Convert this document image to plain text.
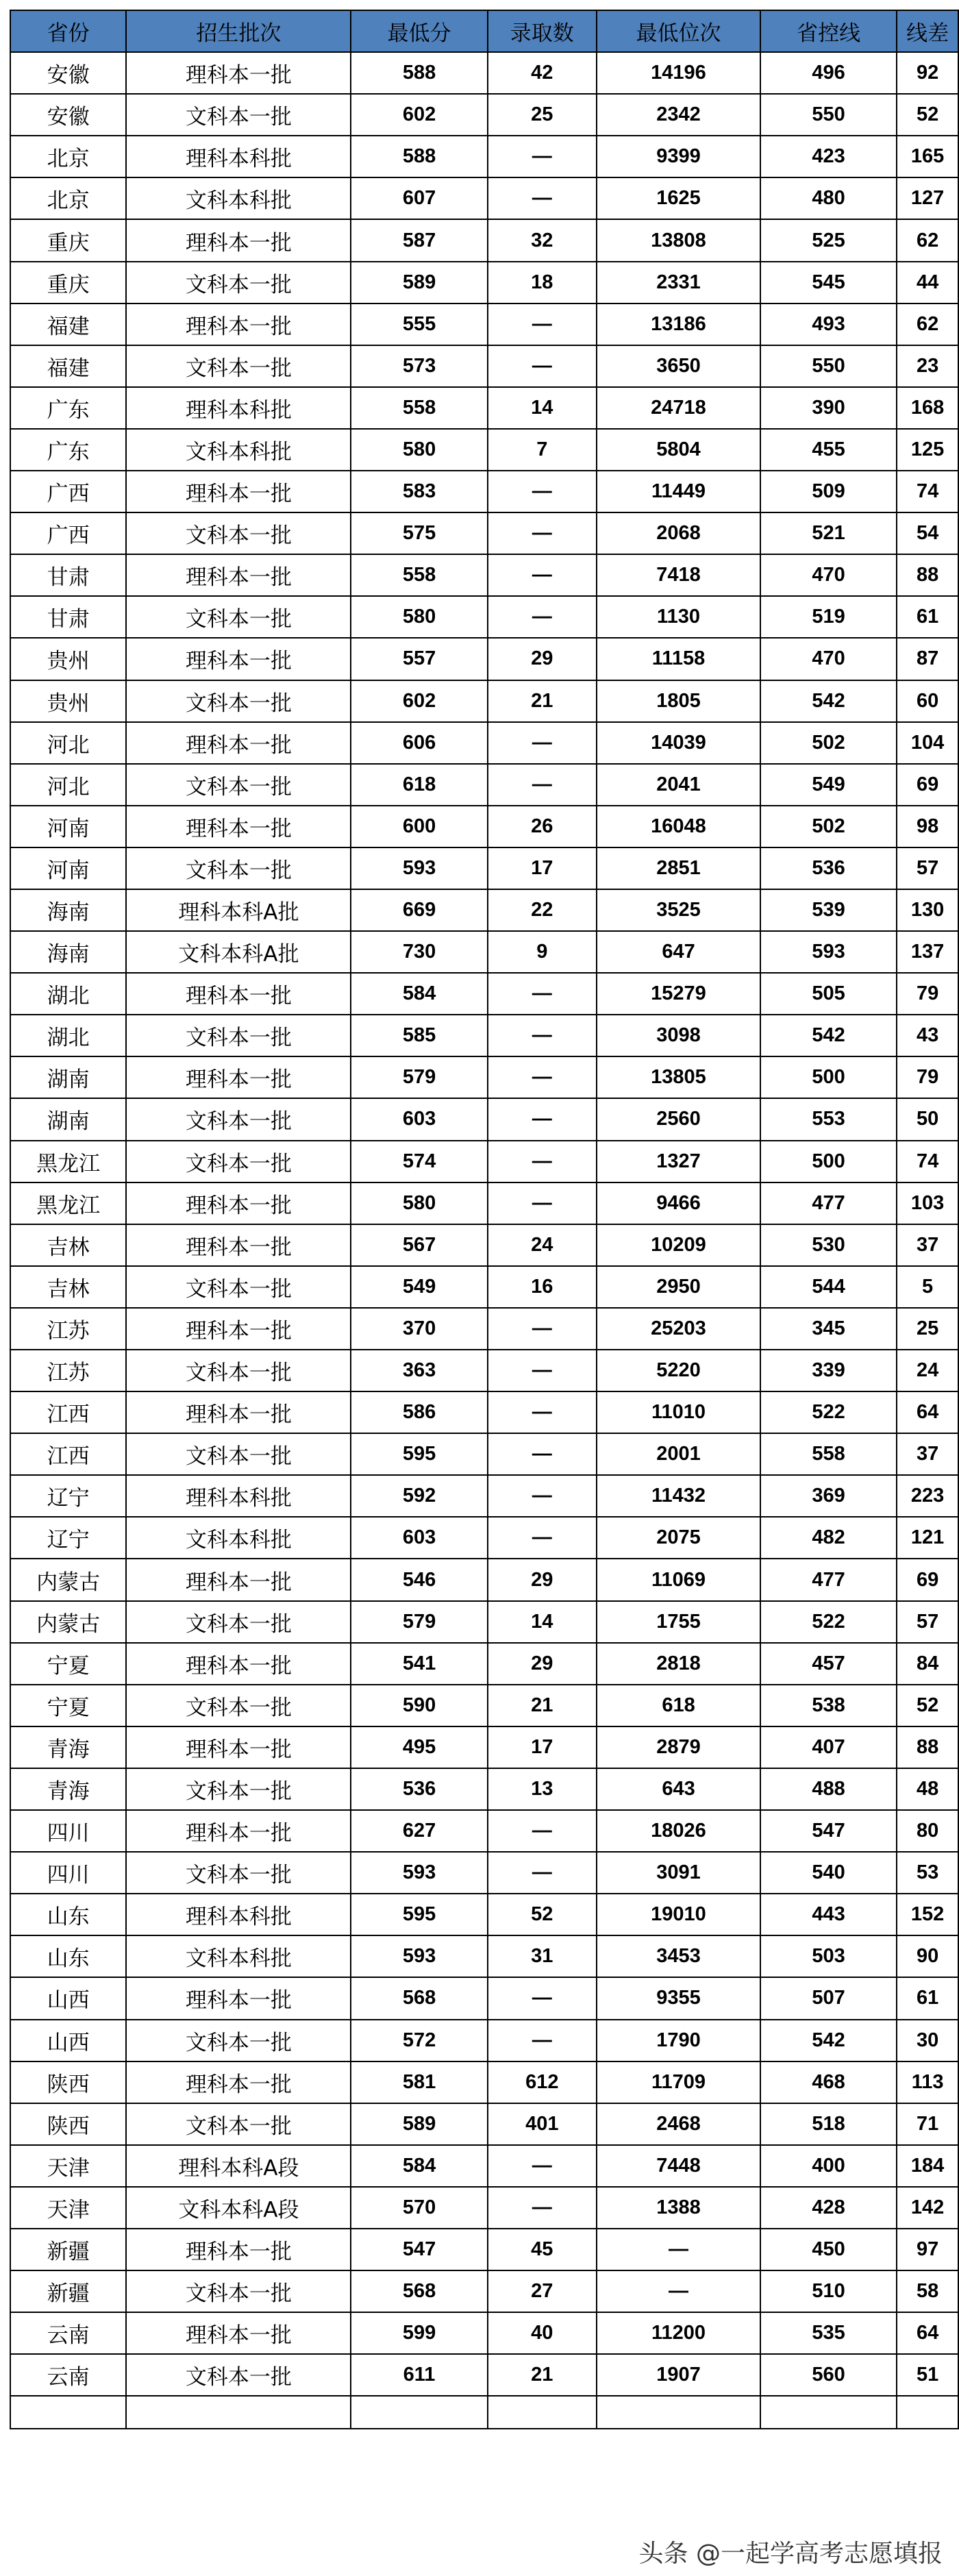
省份	招生批次	最低分	录取数	最低位次	省控线	线差
安徽	理科本一批	588	42	14196	496	92
安徽	文科本一批	602	25	2342	550	52
北京	理科本科批	588	—	9399	423	165
北京	文科本科批	607	—	1625	480	127
重庆	理科本一批	587	32	13808	525	62
重庆	文科本一批	589	18	2331	545	44
福建	理科本一批	555	—	13186	493	62
福建	文科本一批	573	—	3650	550	23
广东	理科本科批	558	14	24718	390	168
广东	文科本科批	580	7	5804	455	125
广西	理科本一批	583	—	11449	509	74
广西	文科本一批	575	—	2068	521	54
甘肃	理科本一批	558	—	7418	470	88
甘肃	文科本一批	580	—	1130	519	61
贵州	理科本一批	557	29	11158	470	87
贵州	文科本一批	602	21	1805	542	60
河北	理科本一批	606	—	14039	502	104
河北	文科本一批	618	—	2041	549	69
河南	理科本一批	600	26	16048	502	98
河南	文科本一批	593	17	2851	536	57
海南	理科本科A批	669	22	3525	539	130
海南	文科本科A批	730	9	647	593	137
湖北	理科本一批	584	—	15279	505	79
湖北	文科本一批	585	—	3098	542	43
湖南	理科本一批	579	—	13805	500	79
湖南	文科本一批	603	—	2560	553	50
黑龙江	文科本一批	574	—	1327	500	74
黑龙江	理科本一批	580	—	9466	477	103
吉林	理科本一批	567	24	10209	530	37
吉林	文科本一批	549	16	2950	544	5
江苏	理科本一批	370	—	25203	345	25
江苏	文科本一批	363	—	5220	339	24
江西	理科本一批	586	—	11010	522	64
江西	文科本一批	595	—	2001	558	37
辽宁	理科本科批	592	—	11432	369	223
辽宁	文科本科批	603	—	2075	482	121
内蒙古	理科本一批	546	29	11069	477	69
内蒙古	文科本一批	579	14	1755	522	57
宁夏	理科本一批	541	29	2818	457	84
宁夏	文科本一批	590	21	618	538	52
青海	理科本一批	495	17	2879	407	88
青海	文科本一批	536	13	643	488	48
四川	理科本一批	627	—	18026	547	80
四川	文科本一批	593	—	3091	540	53
山东	理科本科批	595	52	19010	443	152
山东	文科本科批	593	31	3453	503	90
山西	理科本一批	568	—	9355	507	61
山西	文科本一批	572	—	1790	542	30
陕西	理科本一批	581	612	11709	468	113
陕西	文科本一批	589	401	2468	518	71
天津	理科本科A段	584	—	7448	400	184
天津	文科本科A段	570	—	1388	428	142
新疆	理科本一批	547	45	—	450	97
新疆	文科本一批	568	27	—	510	58
云南	理科本一批	599	40	11200	535	64
云南	文科本一批	611	21	1907	560	51

头条 @一起学高考志愿填报
